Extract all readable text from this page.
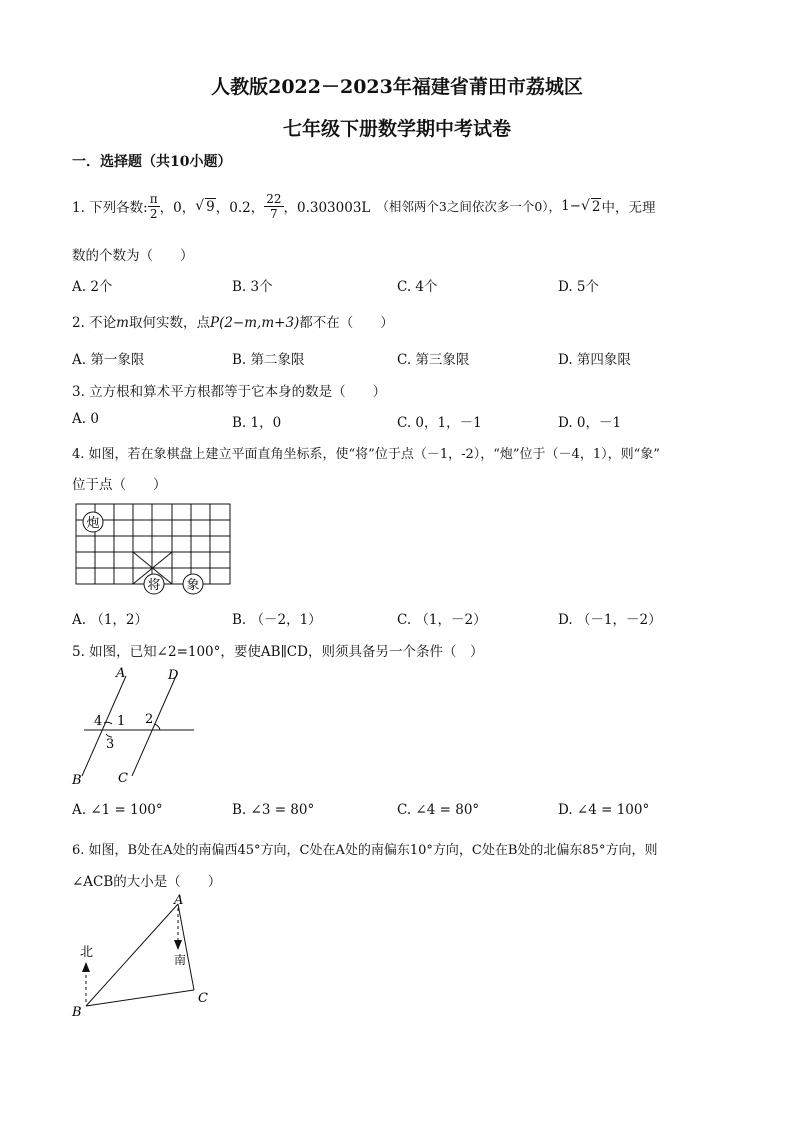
人教版2022－2023年福建省莆田市荔城区
七年级下册数学期中考试卷
一．选择题（共10小题）
1. 下列各数: $\frac{\pi}{2}$ ，0， √ 9 ，0.2， $\frac{22}{7}$ ，0.303003L （相邻两个3之间依次多一个0）， 1− √ 2 中，无理
数的个数为（　　）
A. 2个	B. 3个	C. 4个	D. 5个
2. 不论m取何实数，点P(2−m,m+3)都不在（　　）
A. 第一象限	B. 第二象限	C. 第三象限	D. 第四象限
3. 立方根和算术平方根都等于它本身的数是（　　）
A. 0	B. 1，0	C. 0，1，－1	D. 0，－1
4. 如图，若在象棋盘上建立平面直角坐标系，使“将”位于点（－1，-2），“炮”位于（－4，1），则“象”
位于点（　　）
炮
将 象
A. （1，2）	B. （－2，1）	C. （1，－2）	D. （－1，－2）
5. 如图，已知∠2=100°，要使AB∥CD，则须具备另一个条件（　）
A	D
4 1 2
3
B	C
A. ∠1 = 100°	B. ∠3 = 80°	C. ∠4 = 80°	D. ∠4 = 100°
6. 如图，B处在A处的南偏西45°方向，C处在A处的南偏东10°方向，C处在B处的北偏东85°方向，则
∠ACB的大小是（　　）
A
北	南
B
C
